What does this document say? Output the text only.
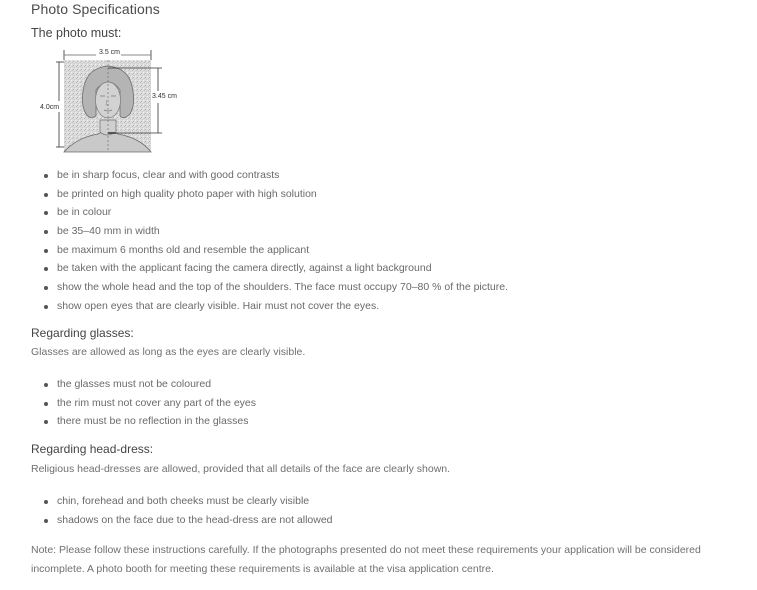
Photo Specifications
The photo must:
3.5 cm
4.0cm
3.45 cm
be in sharp focus, clear and with good contrasts
be printed on high quality photo paper with high solution
be in colour
be 35–40 mm in width
be maximum 6 months old and resemble the applicant
be taken with the applicant facing the camera directly, against a light background
show the whole head and the top of the shoulders. The face must occupy 70–80 % of the picture.
show open eyes that are clearly visible. Hair must not cover the eyes.
Regarding glasses:
Glasses are allowed as long as the eyes are clearly visible.
the glasses must not be coloured
the rim must not cover any part of the eyes
there must be no reflection in the glasses
Regarding head-dress:
Religious head-dresses are allowed, provided that all details of the face are clearly shown.
chin, forehead and both cheeks must be clearly visible
shadows on the face due to the head-dress are not allowed
Note: Please follow these instructions carefully. If the photographs presented do not meet these requirements your application will be considered incomplete. A photo booth for meeting these requirements is available at the visa application centre.
